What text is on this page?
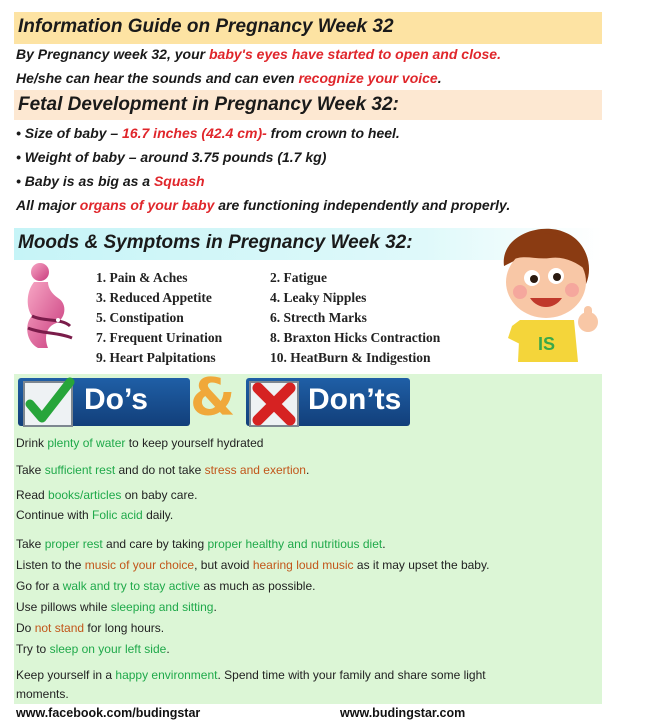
Information Guide on Pregnancy Week 32
By Pregnancy week 32, your baby's eyes have started to open and close.
He/she can hear the sounds and can even recognize your voice.
Fetal Development in Pregnancy Week 32:
• Size of baby – 16.7 inches (42.4 cm)- from crown to heel.
• Weight of baby – around 3.75 pounds (1.7 kg)
• Baby is as big as a Squash
All major organs of your baby are functioning independently and properly.
Moods & Symptoms in Pregnancy Week 32:
1. Pain & Aches
3. Reduced Appetite
5. Constipation
7. Frequent Urination
9. Heart Palpitations
2. Fatigue
4. Leaky Nipples
6. Strecth Marks
8. Braxton Hicks Contraction
10. HeatBurn & Indigestion
IS
Do’s & Don’ts
Drink plenty of water to keep yourself hydrated
Take sufficient rest and do not take stress and exertion.
Read books/articles on baby care.
Continue with Folic acid daily.
Take proper rest and care by taking proper healthy and nutritious diet.
Listen to the music of your choice, but avoid hearing loud music as it may upset the baby.
Go for a walk and try to stay active as much as possible.
Use pillows while sleeping and sitting.
Do not stand for long hours.
Try to sleep on your left side.
Keep yourself in a happy environment. Spend time with your family and share some light
moments.
www.facebook.com/budingstar	www.budingstar.com
